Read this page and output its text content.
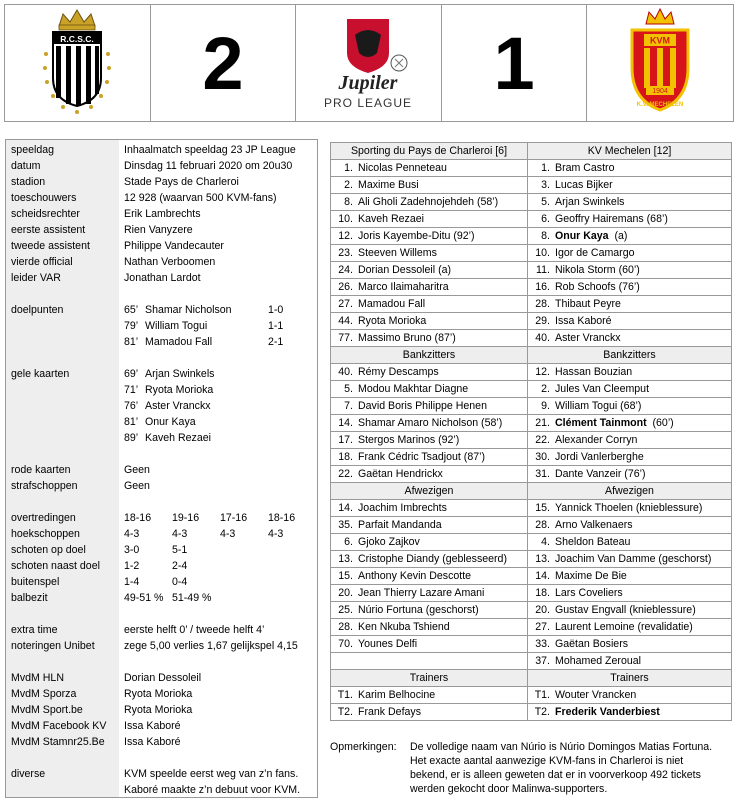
R.C.S.C. 2	Jupiler
PRO LEAGUE 1	KVM
1904
K.V. MECHELEN
speeldag	Inhaalmatch speeldag 23 JP League
datum	Dinsdag 11 februari 2020 om 20u30
stadion	Stade Pays de Charleroi
toeschouwers	12 928 (waarvan 500 KVM-fans)
scheidsrechter	Erik Lambrechts
eerste assistent	Rien Vanyzere
tweede assistent	Philippe Vandecauter
vierde official	Nathan Verboomen
leider VAR	Jonathan Lardot
doelpunten	65’ Shamar Nicholson	1-0
79’ William Togui	1-1
81’ Mamadou Fall	2-1
gele kaarten	69’ Arjan Swinkels
71’ Ryota Morioka
76’ Aster Vranckx
81’ Onur Kaya
89’ Kaveh Rezaei
rode kaarten	Geen
strafschoppen	Geen
overtredingen	18-16 19-16 17-16 18-16
hoekschoppen	4-3	4-3	4-3	4-3
schoten op doel	3-0	5-1
schoten naast doel 1-2	2-4
buitenspel	1-4	0-4
balbezit	49-51 % 51-49 %
extra time	eerste helft 0’ / tweede helft 4’
noteringen Unibet	zege 5,00 verlies 1,67 gelijkspel 4,15
MvdM HLN	Dorian Dessoleil
MvdM Sporza	Ryota Morioka
MvdM Sport.be	Ryota Morioka
MvdM Facebook KV Issa Kaboré
MvdM Stamnr25.Be Issa Kaboré
diverse	KVM speelde eerst weg van z’n fans.
Kaboré maakte z’n debuut voor KVM.
Sporting du Pays de Charleroi [6]	KV Mechelen [12]
1. Nicolas Penneteau	1. Bram Castro
2. Maxime Busi	3. Lucas Bijker
8. Ali Gholi Zadehnojehdeh (58’)	5. Arjan Swinkels
10. Kaveh Rezaei	6. Geoffry Hairemans (68’)
12. Joris Kayembe-Ditu (92’)	8. Onur Kaya  (a)
23. Steeven Willems	10. Igor de Camargo
24. Dorian Dessoleil (a)	11. Nikola Storm (60’)
26. Marco Ilaimaharitra	16. Rob Schoofs (76’)
27. Mamadou Fall	28. Thibaut Peyre
44. Ryota Morioka	29. Issa Kaboré
77. Massimo Bruno (87’)	40. Aster Vranckx
Bankzitters	Bankzitters
40. Rémy Descamps	12. Hassan Bouzian
5. Modou Makhtar Diagne	2. Jules Van Cleemput
7. David Boris Philippe Henen	9. William Togui (68’)
14. Shamar Amaro Nicholson (58’)	21. Clément Tainmont  (60’)
17. Stergos Marinos (92’)	22. Alexander Corryn
18. Frank Cédric Tsadjout (87’)	30. Jordi Vanlerberghe
22. Gaëtan Hendrickx	31. Dante Vanzeir (76’)
Afwezigen	Afwezigen
14. Joachim Imbrechts	15. Yannick Thoelen (knieblessure)
35. Parfait Mandanda	28. Arno Valkenaers
6. Gjoko Zajkov	4. Sheldon Bateau
13. Cristophe Diandy (geblesseerd)	13. Joachim Van Damme (geschorst)
15. Anthony Kevin Descotte	14. Maxime De Bie
20. Jean Thierry Lazare Amani	18. Lars Coveliers
25. Núrio Fortuna (geschorst)	20. Gustav Engvall (knieblessure)
28. Ken Nkuba Tshiend	27. Laurent Lemoine (revalidatie)
70. Younes Delfi	33. Gaëtan Bosiers
	37. Mohamed Zeroual
Trainers	Trainers
T1. Karim Belhocine	T1. Wouter Vrancken
T2. Frank Defays	T2. Frederik Vanderbiest
Opmerkingen: De volledige naam van Núrio is Núrio Domingos Matias Fortuna.
Het exacte aantal aanwezige KVM-fans in Charleroi is niet
bekend, er is alleen geweten dat er in voorverkoop 492 tickets
werden gekocht door Malinwa-supporters.
